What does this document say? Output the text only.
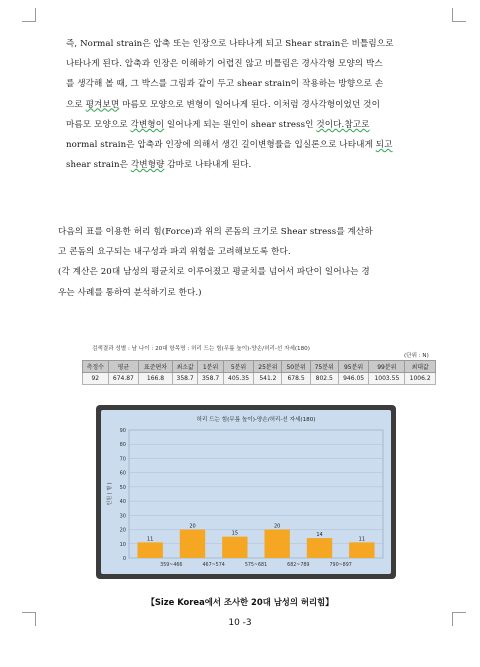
즉, Normal strain은 압축 또는 인장으로 나타나게 되고 Shear strain은 비틀림으로
나타나게 된다. 압축과 인장은 이해하기 어렵진 않고 비틀림은 경사각형 모양의 박스
를 생각해 볼 때, 그 박스를 그림과 같이 두고 shear strain이 작용하는 방향으로 손
으로 평겨보면 마름모 모양으로 변형이 일어나게 된다. 이처럼 경사각형이었던 것이
마름모 모양으로 각변형이 일어나게 되는 원인이 shear stress인 것이다.참고로
normal strain은 압축과 인장에 의해서 생긴 길이변형률을 입실론으로 나타내게 되고
shear strain은 각변형량 감마로 나타내게 된다.
다음의 표를 이용한 허리 힘(Force)과 위의 콘돔의 크기로 Shear stress를 계산하
고 콘돔의 요구되는 내구성과 파괴 위험을 고려해보도록 한다.
(각 계산은 20대 남성의 평균치로 이루어졌고 평균치를 넘어서 파단이 일어나는 경
우는 사례를 통하여 분석하기로 한다.)
검색결과 성별 : 남 나이 : 20대 항목명 : 허리 드는 힘(무릎 높이)-양손/허리-선 자세(180)
(단위 : N)
측정수	평균	표준편차	최소값	1분위	5분위	25분위	50분위	75분위	95분위	99분위	최대값
92	674.87	166.8	358.7	358.7	405.35	541.2	678.5	802.5	946.05	1003.55	1006.2
허리 드는 힘(무릎 높이)-양손/허리-선 자세(180)
0
10
20
30
40
50
60
70
80
90
인원 ( 명 )
11
20
15
20
14
11
359~466	467~574	575~681	682~789	790~897
【Size Korea에서 조사한 20대 남성의 허리힘】
10 -3
